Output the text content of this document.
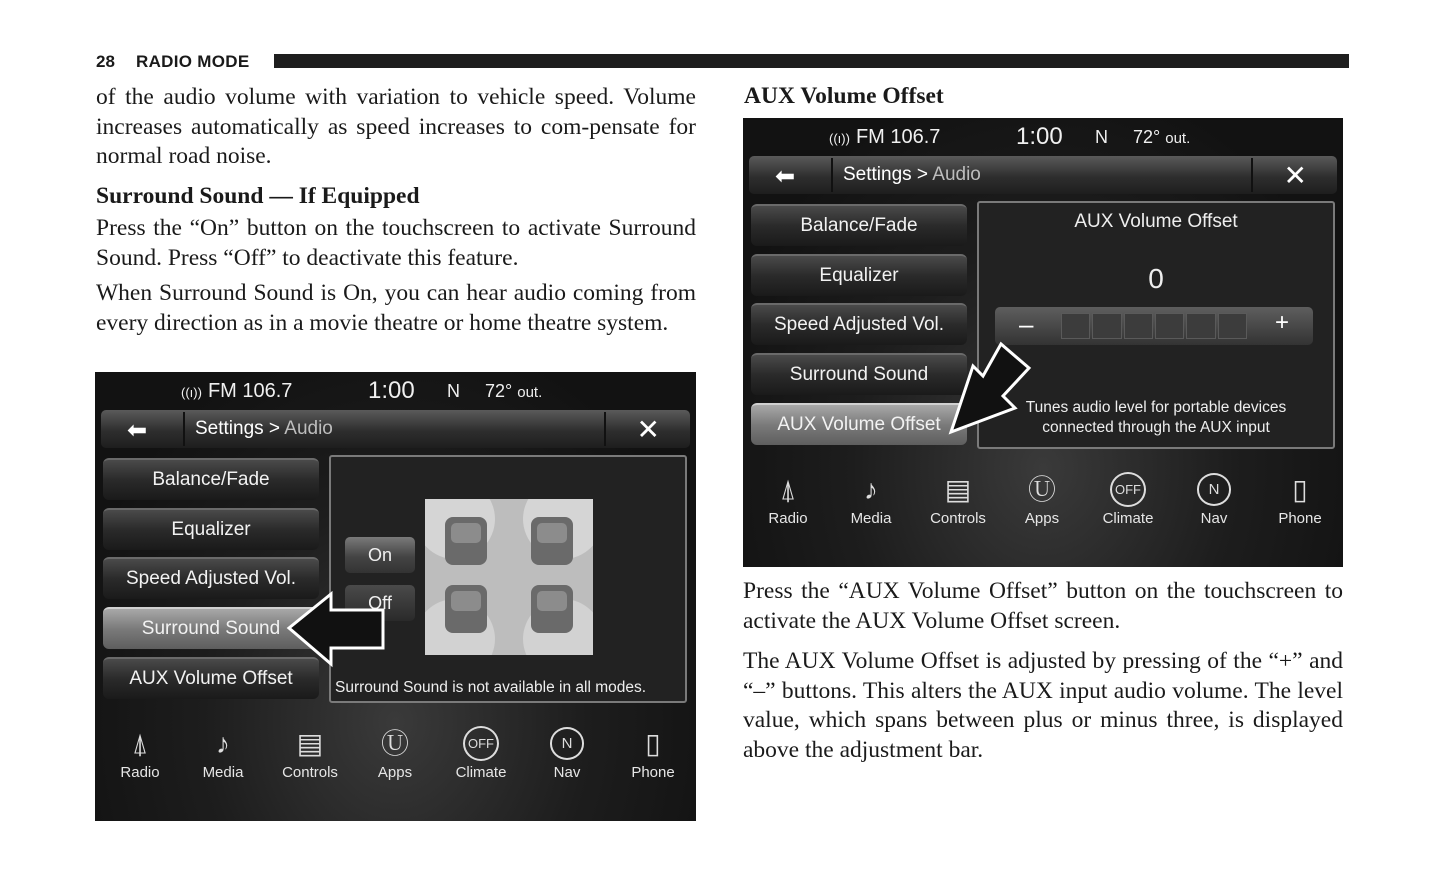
28 RADIO MODE
of the audio volume with variation to vehicle speed. Volume increases automatically as speed increases to com-pensate for normal road noise.
Surround Sound — If Equipped
Press the “On” button on the touchscreen to activate Surround Sound. Press “Off” to deactivate this feature.
When Surround Sound is On, you can hear audio coming from every direction as in a movie theatre or home theatre system.
AUX Volume Offset
Press the “AUX Volume Offset” button on the touchscreen to activate the AUX Volume Offset screen.
The AUX Volume Offset is adjusted by pressing of the “+” and “–” buttons. This alters the AUX input audio volume. The level value, which spans between plus or minus three, is displayed above the adjustment bar.
((ı)) FM 106.7	1:00 N 72° out.
⬅	Settings > Audio	✕
Balance/Fade
Equalizer
Speed Adjusted Vol.
Surround Sound
AUX Volume Offset
On
Off
Surround Sound is not available in all modes.
⍋
Radio
♪
Media
▤
Controls
Ⓤ
Apps
OFF
Climate
N
Nav
▯
Phone
((ı)) FM 106.7	1:00 N 72° out.
⬅	Settings > Audio	✕
Balance/Fade
Equalizer
Speed Adjusted Vol.
Surround Sound
AUX Volume Offset
AUX Volume Offset
0
–	+
Tunes audio level for portable devices
connected through the AUX input
⍋
Radio
♪
Media
▤
Controls
Ⓤ
Apps
OFF
Climate
N
Nav
▯
Phone
